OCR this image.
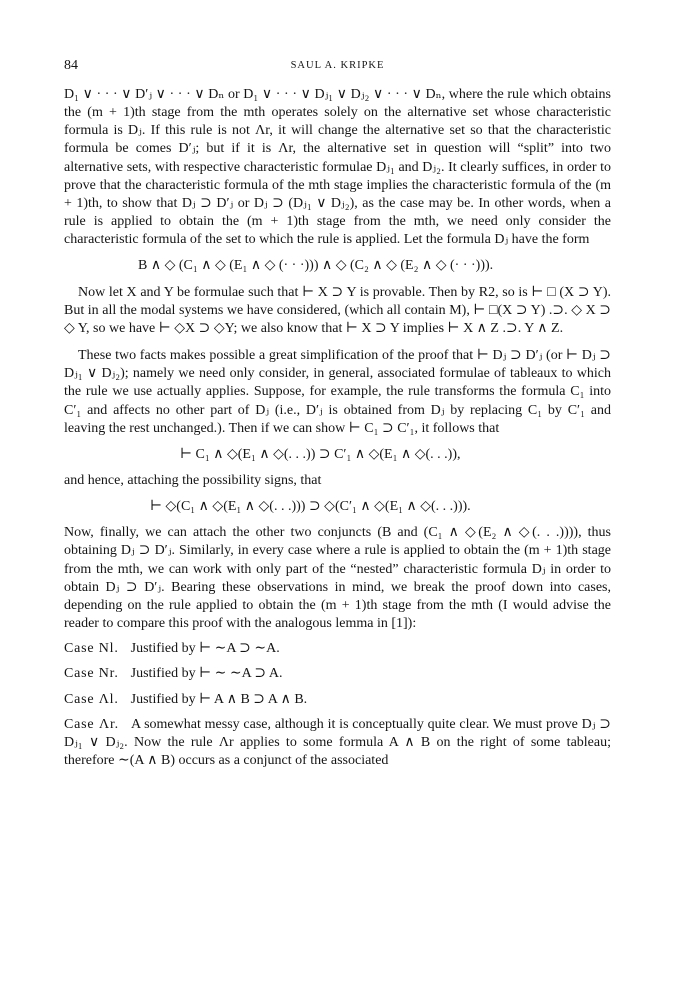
84	SAUL A. KRIPKE

D₁ ∨ · · · ∨ D′ⱼ ∨ · · · ∨ Dₙ or D₁ ∨ · · · ∨ Dⱼ₁ ∨ Dⱼ₂ ∨ · · · ∨ Dₙ, where the rule which obtains the (m + 1)th stage from the mth operates solely on the alternative set whose characteristic formula is Dⱼ. If this rule is not Λr, it will change the alternative set so that the characteristic formula be comes D′ⱼ; but if it is Λr, the alternative set in question will “split” into two alternative sets, with respective characteristic formulae Dⱼ₁ and Dⱼ₂. It clearly suffices, in order to prove that the characteristic formula of the mth stage implies the characteristic formula of the (m + 1)th, to show that Dⱼ ⊃ D′ⱼ or Dⱼ ⊃ (Dⱼ₁ ∨ Dⱼ₂), as the case may be. In other words, when a rule is applied to obtain the (m + 1)th stage from the mth, we need only consider the characteristic formula of the set to which the rule is applied. Let the formula Dⱼ have the form

B ∧ ◇ (C₁ ∧ ◇ (E₁ ∧ ◇ (· · ·))) ∧ ◇ (C₂ ∧ ◇ (E₂ ∧ ◇ (· · ·))).

Now let X and Y be formulae such that ⊢ X ⊃ Y is provable. Then by R2, so is ⊢ □ (X ⊃ Y). But in all the modal systems we have considered, (which all contain M), ⊢ □(X ⊃ Y) .⊃. ◇ X ⊃ ◇ Y, so we have ⊢ ◇X ⊃ ◇Y; we also know that ⊢ X ⊃ Y implies ⊢ X ∧ Z .⊃. Y ∧ Z.

These two facts makes possible a great simplification of the proof that ⊢ Dⱼ ⊃ D′ⱼ (or ⊢ Dⱼ ⊃ Dⱼ₁ ∨ Dⱼ₂); namely we need only consider, in general, associated formulae of tableaux to which the rule we use actually applies. Suppose, for example, the rule transforms the formula C₁ into C′₁ and affects no other part of Dⱼ (i.e., D′ⱼ is obtained from Dⱼ by replacing C₁ by C′₁ and leaving the rest unchanged.). Then if we can show ⊢ C₁ ⊃ C′₁, it follows that

⊢ C₁ ∧ ◇(E₁ ∧ ◇(. . .)) ⊃ C′₁ ∧ ◇(E₁ ∧ ◇(. . .)),

and hence, attaching the possibility signs, that

⊢ ◇(C₁ ∧ ◇(E₁ ∧ ◇(. . .))) ⊃ ◇(C′₁ ∧ ◇(E₁ ∧ ◇(. . .))).

Now, finally, we can attach the other two conjuncts (B and (C₁ ∧ ◇(E₂ ∧ ◇(. . .)))), thus obtaining Dⱼ ⊃ D′ⱼ. Similarly, in every case where a rule is applied to obtain the (m + 1)th stage from the mth, we can work with only part of the “nested” characteristic formula Dⱼ in order to obtain Dⱼ ⊃ D′ⱼ. Bearing these observations in mind, we break the proof down into cases, depending on the rule applied to obtain the (m + 1)th stage from the mth (I would advise the reader to compare this proof with the analogous lemma in [1]):

Case Nl. Justified by ⊢ ∼A ⊃ ∼A.

Case Nr. Justified by ⊢ ∼ ∼A ⊃ A.

Case Λl. Justified by ⊢ A ∧ B ⊃ A ∧ B.

Case Λr. A somewhat messy case, although it is conceptually quite clear. We must prove Dⱼ ⊃ Dⱼ₁ ∨ Dⱼ₂. Now the rule Λr applies to some formula A ∧ B on the right of some tableau; therefore ∼(A ∧ B) occurs as a conjunct of the associated
